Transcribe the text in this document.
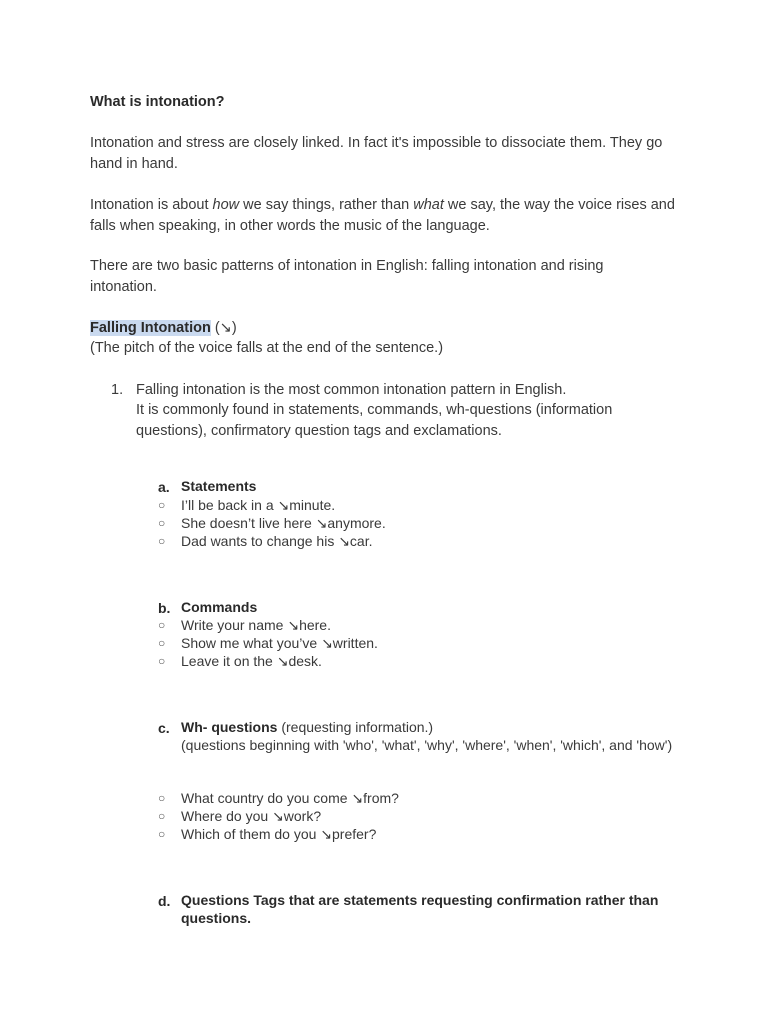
What is intonation?
Intonation and stress are closely linked. In fact it's impossible to dissociate them. They go hand in hand.
Intonation is about how we say things, rather than what we say, the way the voice rises and falls when speaking, in other words the music of the language.
There are two basic patterns of intonation in English: falling intonation and rising intonation.
Falling Intonation (↘)
(The pitch of the voice falls at the end of the sentence.)
1. Falling intonation is the most common intonation pattern in English.
It is commonly found in statements, commands, wh-questions (information questions), confirmatory question tags and exclamations.
a. Statements
○	I’ll be back in a ↘minute.
○	She doesn’t live here ↘anymore.
○	Dad wants to change his ↘car.
b. Commands
○	Write your name ↘here.
○	Show me what you’ve ↘written.
○	Leave it on the ↘desk.
c. Wh- questions (requesting information.)
(questions beginning with 'who', 'what', 'why', 'where', 'when', 'which', and 'how')
○	What country do you come ↘from?
○	Where do you ↘work?
○	Which of them do you ↘prefer?
d. Questions Tags that are statements requesting confirmation rather than questions.
